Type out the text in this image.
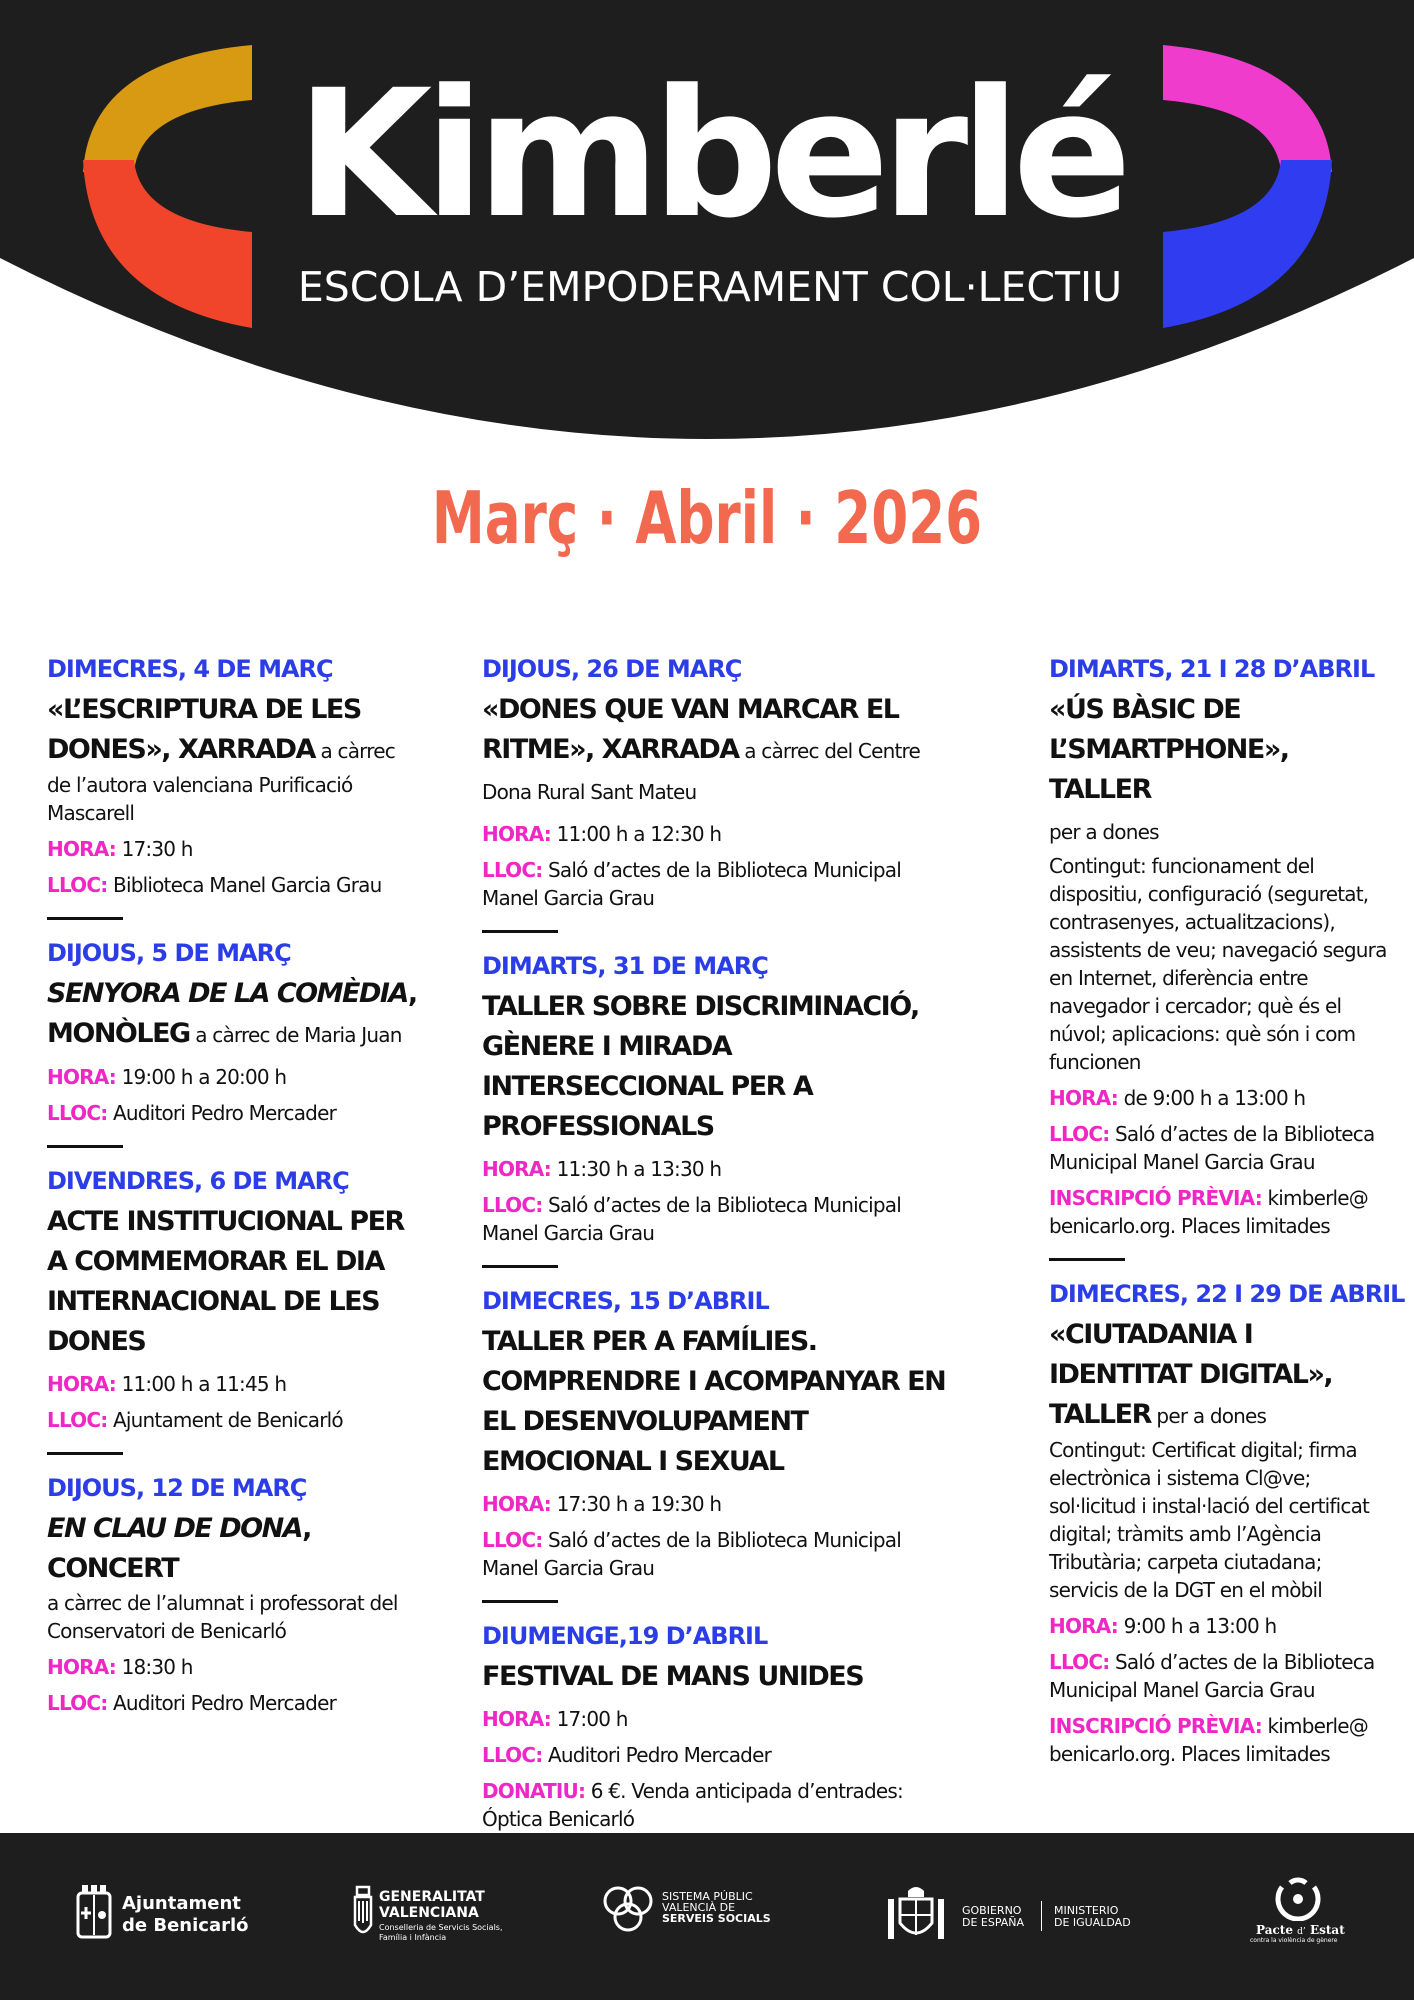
Kimberlé
ESCOLA D’EMPODERAMENT COL·LECTIU
Març · Abril · 2026
DIMECRES, 4 DE MARÇ
«L’ESCRIPTURA DE LES DONES», XARRADA a càrrec
de l’autora valenciana Purificació Mascarell
HORA: 17:30 h
LLOC: Biblioteca Manel Garcia Grau
DIJOUS, 5 DE MARÇ
SENYORA DE LA COMÈDIA, MONÒLEG a càrrec de Maria Juan
HORA: 19:00 h a 20:00 h
LLOC: Auditori Pedro Mercader
DIVENDRES, 6 DE MARÇ
ACTE INSTITUCIONAL PER A COMMEMORAR EL DIA INTERNACIONAL DE LES DONES
HORA: 11:00 h a 11:45 h
LLOC: Ajuntament de Benicarló
DIJOUS, 12 DE MARÇ
EN CLAU DE DONA, CONCERT
a càrrec de l’alumnat i professorat del Conservatori de Benicarló
HORA: 18:30 h
LLOC: Auditori Pedro Mercader
DIJOUS, 26 DE MARÇ
«DONES QUE VAN MARCAR EL RITME», XARRADA a càrrec del Centre Dona Rural Sant Mateu
HORA: 11:00 h a 12:30 h
LLOC: Saló d’actes de la Biblioteca Municipal Manel Garcia Grau
DIMARTS, 31 DE MARÇ
TALLER SOBRE DISCRIMINACIÓ, GÈNERE I MIRADA INTERSECCIONAL PER A PROFESSIONALS
HORA: 11:30 h a 13:30 h
LLOC: Saló d’actes de la Biblioteca Municipal Manel Garcia Grau
DIMECRES, 15 D’ABRIL
TALLER PER A FAMÍLIES. COMPRENDRE I ACOMPANYAR EN EL DESENVOLUPAMENT EMOCIONAL I SEXUAL
HORA: 17:30 h a 19:30 h
LLOC: Saló d’actes de la Biblioteca Municipal Manel Garcia Grau
DIUMENGE,19 D’ABRIL
FESTIVAL DE MANS UNIDES
HORA: 17:00 h
LLOC: Auditori Pedro Mercader
DONATIU: 6 €. Venda anticipada d’entrades: Óptica Benicarló
DIMARTS, 21 I 28 D’ABRIL
«ÚS BÀSIC DE L’SMARTPHONE», TALLER
per a dones
Contingut: funcionament del dispositiu, configuració (seguretat, contrasenyes, actualitzacions), assistents de veu; navegació segura en Internet, diferència entre navegador i cercador; què és el núvol; aplicacions: què són i com funcionen
HORA: de 9:00 h a 13:00 h
LLOC: Saló d’actes de la Biblioteca Municipal Manel Garcia Grau
INSCRIPCIÓ PRÈVIA: kimberle@ benicarlo.org. Places limitades
DIMECRES, 22 I 29 DE ABRIL
«CIUTADANIA I IDENTITAT DIGITAL», TALLER per a dones
Contingut: Certificat digital; firma electrònica i sistema Cl@ve; sol·licitud i instal·lació del certificat digital; tràmits amb l’Agència Tributària; carpeta ciutadana; servicis de la DGT en el mòbil
HORA: 9:00 h a 13:00 h
LLOC: Saló d’actes de la Biblioteca Municipal Manel Garcia Grau
INSCRIPCIÓ PRÈVIA: kimberle@ benicarlo.org. Places limitades
Ajuntament
de Benicarló
GENERALITAT
VALENCIANA
Conselleria de Servicis Socials,
Família i Infància
SISTEMA PÚBLIC
VALENCIÀ DE
SERVEIS SOCIALS
GOBIERNO
DE ESPAÑA
MINISTERIO
DE IGUALDAD
Pacte d’ Estat
contra la violència de gènere
